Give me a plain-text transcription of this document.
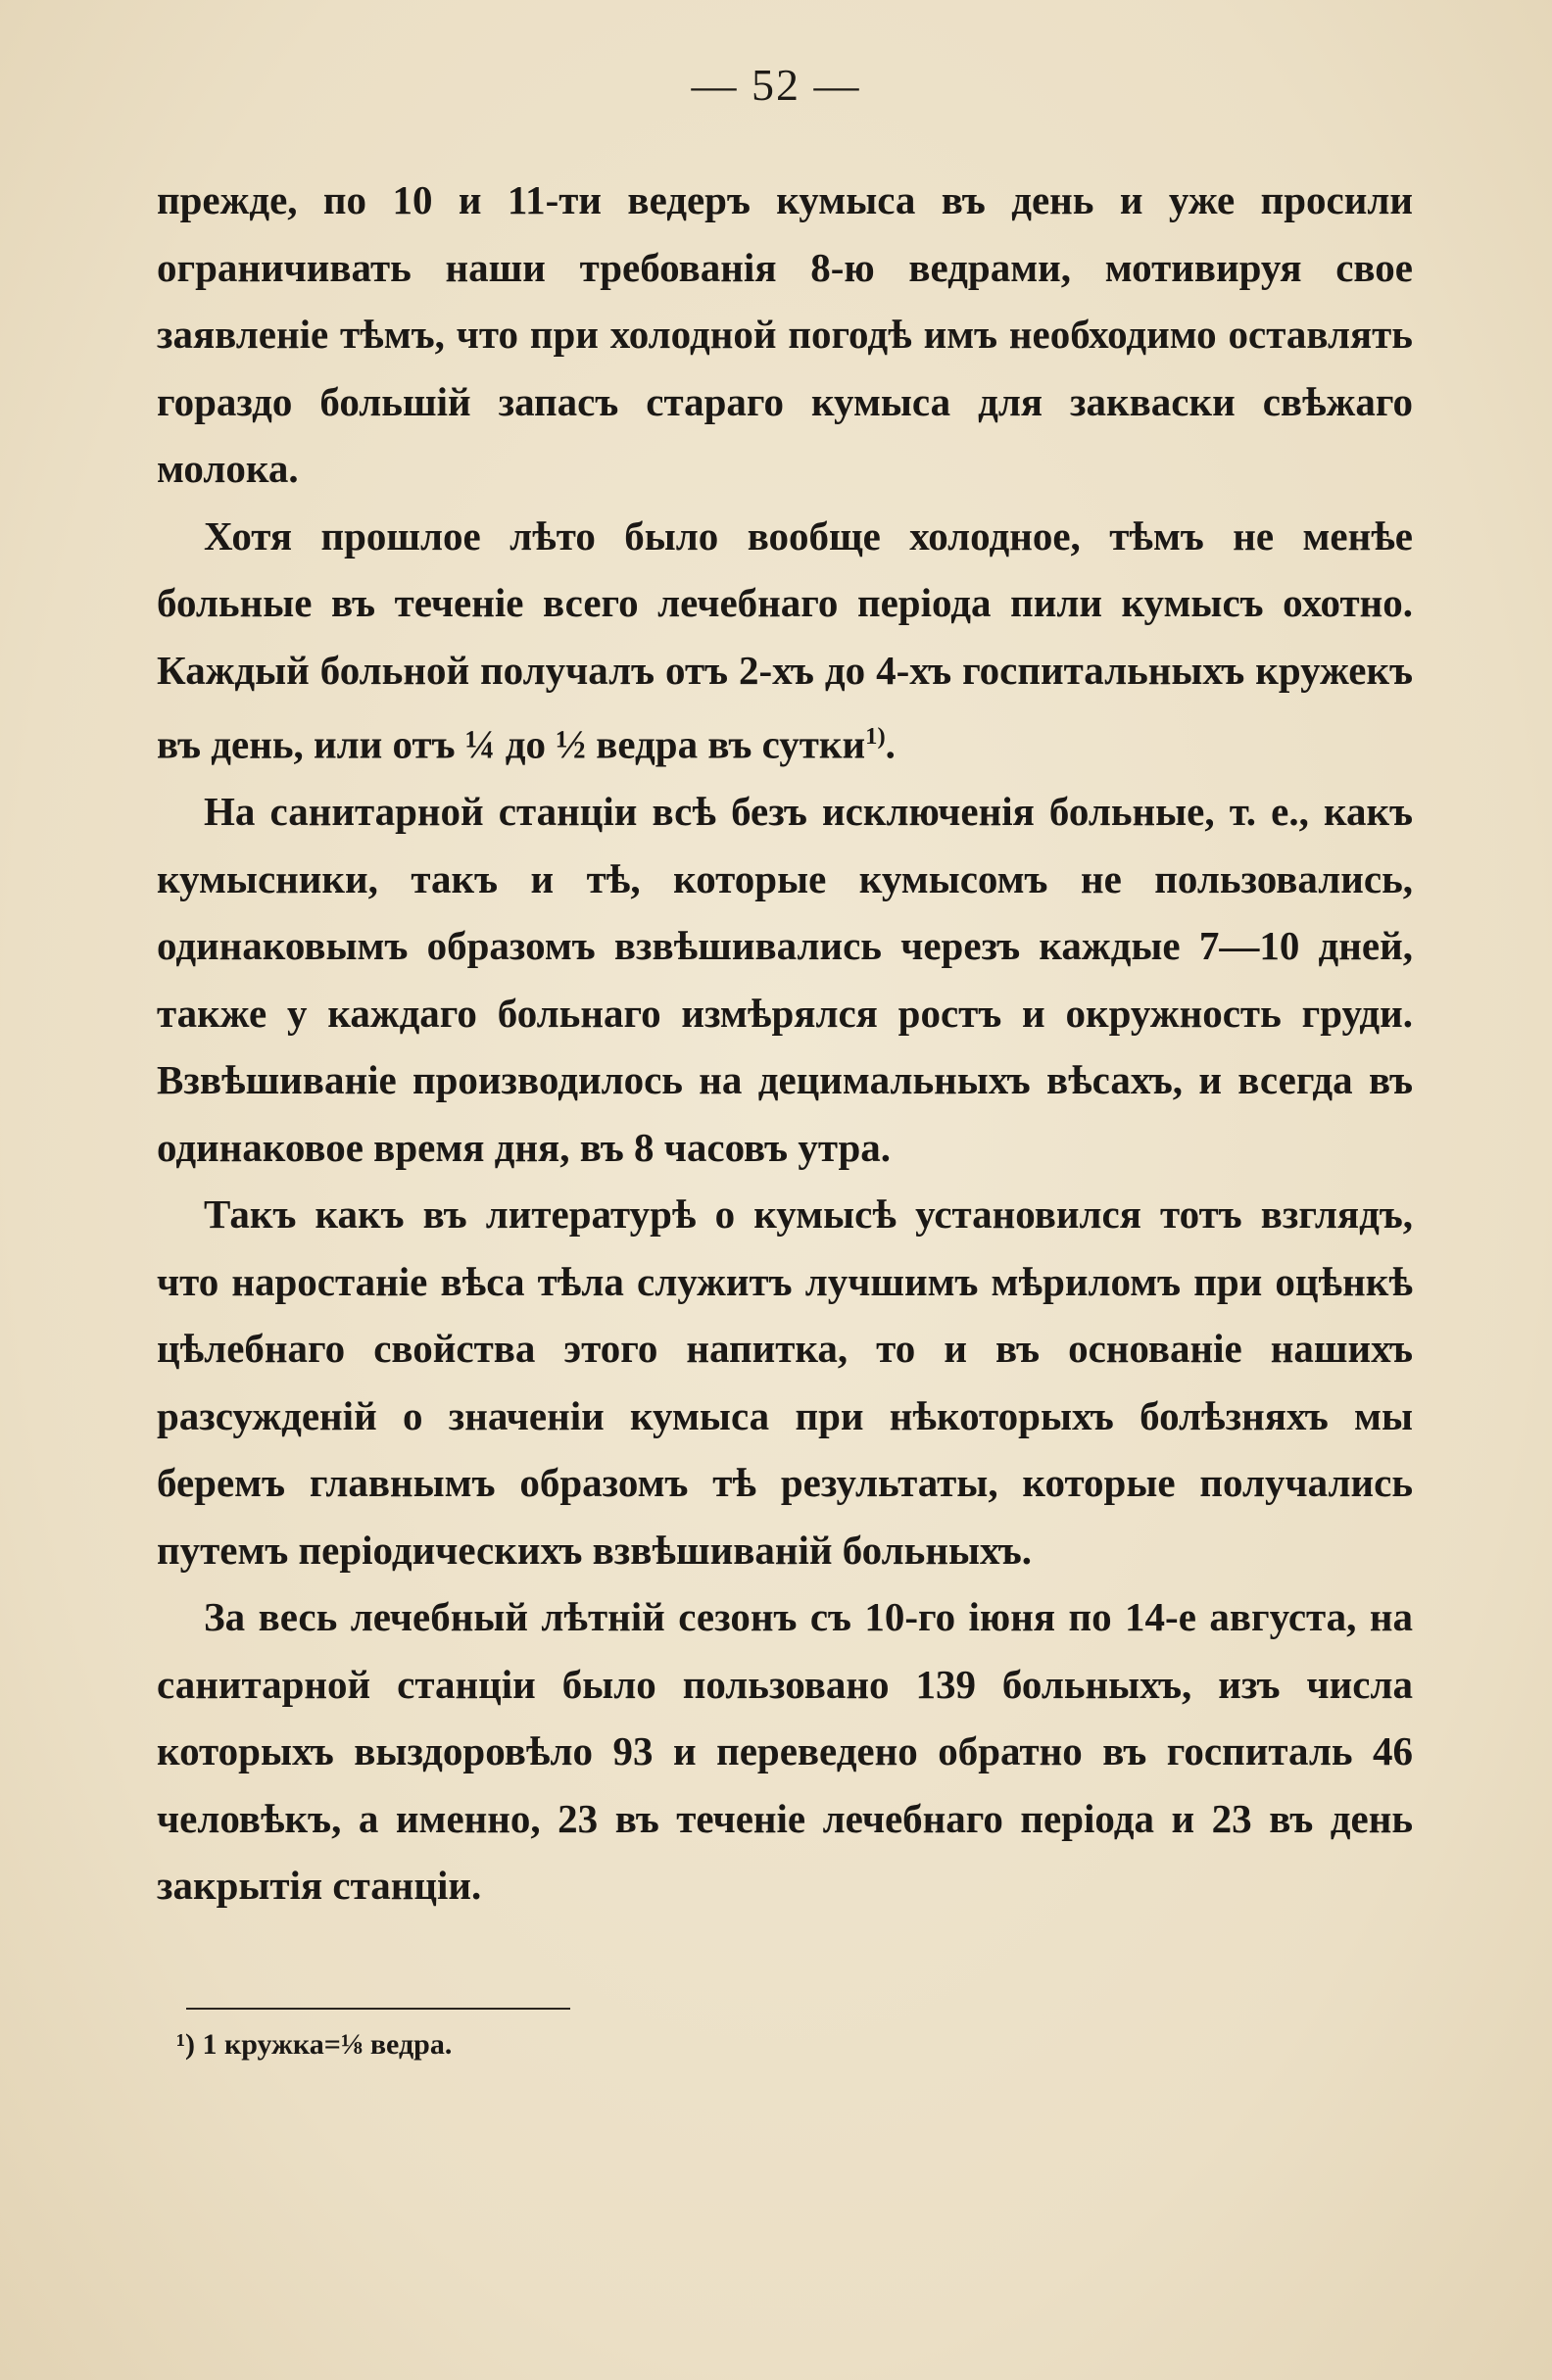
— 52 —

прежде, по 10 и 11-ти ведеръ кумыса въ день и уже просили ограничивать наши требованія 8-ю ведрами, мотивируя свое заявленіе тѣмъ, что при холодной погодѣ имъ необходимо оставлять гораздо большій запасъ стараго кумыса для закваски свѣжаго молока.

Хотя прошлое лѣто было вообще холодное, тѣмъ не менѣе больные въ теченіе всего лечебнаго періода пили кумысъ охотно. Каждый больной получалъ отъ 2-хъ до 4-хъ госпитальныхъ кружекъ въ день, или отъ ¼ до ½ ведра въ сутки$^{1)}$.

На санитарной станціи всѣ безъ исключенія больные, т. е., какъ кумысники, такъ и тѣ, которые кумысомъ не пользовались, одинаковымъ образомъ взвѣшивались черезъ каждые 7—10 дней, также у каждаго больнаго измѣрялся ростъ и окружность груди. Взвѣшиваніе производилось на децимальныхъ вѣсахъ, и всегда въ одинаковое время дня, въ 8 часовъ утра.

Такъ какъ въ литературѣ о кумысѣ установился тотъ взглядъ, что наростаніе вѣса тѣла служитъ лучшимъ мѣриломъ при оцѣнкѣ цѣлебнаго свойства этого напитка, то и въ основаніе нашихъ разсужденій о значеніи кумыса при нѣкоторыхъ болѣзняхъ мы беремъ главнымъ образомъ тѣ результаты, которые получались путемъ періодическихъ взвѣшиваній больныхъ.

За весь лечебный лѣтній сезонъ съ 10-го іюня по 14-е августа, на санитарной станціи было пользовано 139 больныхъ, изъ числа которыхъ выздоровѣло 93 и переведено обратно въ госпиталь 46 человѣкъ, а именно, 23 въ теченіе лечебнаго періода и 23 въ день закрытія станціи.

¹) 1 кружка=⅛ ведра.
